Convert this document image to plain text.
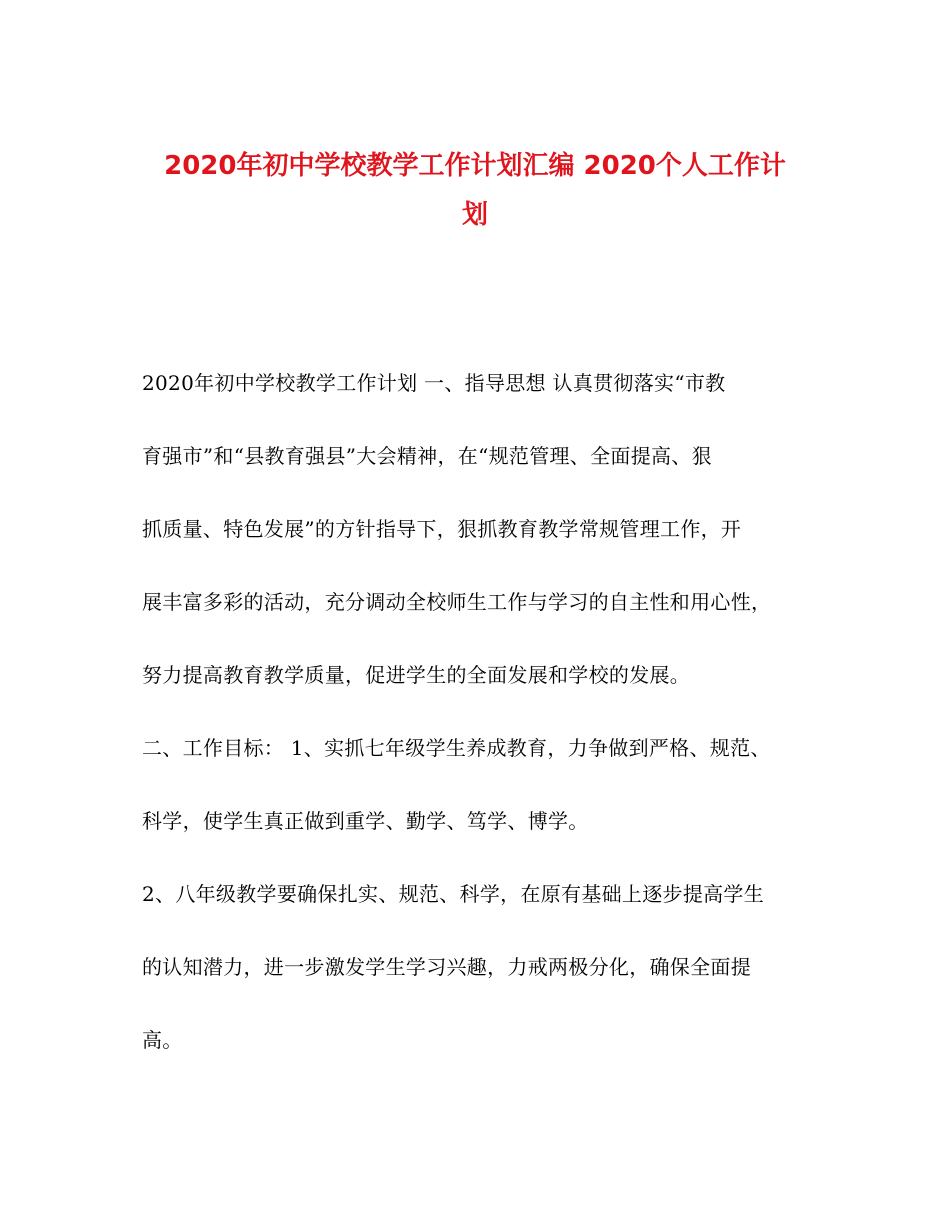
2020年初中学校教学工作计划汇编 2020个人工作计
划

2020年初中学校教学工作计划 一、指导思想 认真贯彻落实“市教

育强市”和“县教育强县”大会精神，在“规范管理、全面提高、狠

抓质量、特色发展”的方针指导下，狠抓教育教学常规管理工作，开

展丰富多彩的活动，充分调动全校师生工作与学习的自主性和用心性，

努力提高教育教学质量，促进学生的全面发展和学校的发展。

二、工作目标： 1、实抓七年级学生养成教育，力争做到严格、规范、

科学，使学生真正做到重学、勤学、笃学、博学。

2、八年级教学要确保扎实、规范、科学，在原有基础上逐步提高学生

的认知潜力，进一步激发学生学习兴趣，力戒两极分化，确保全面提

高。
